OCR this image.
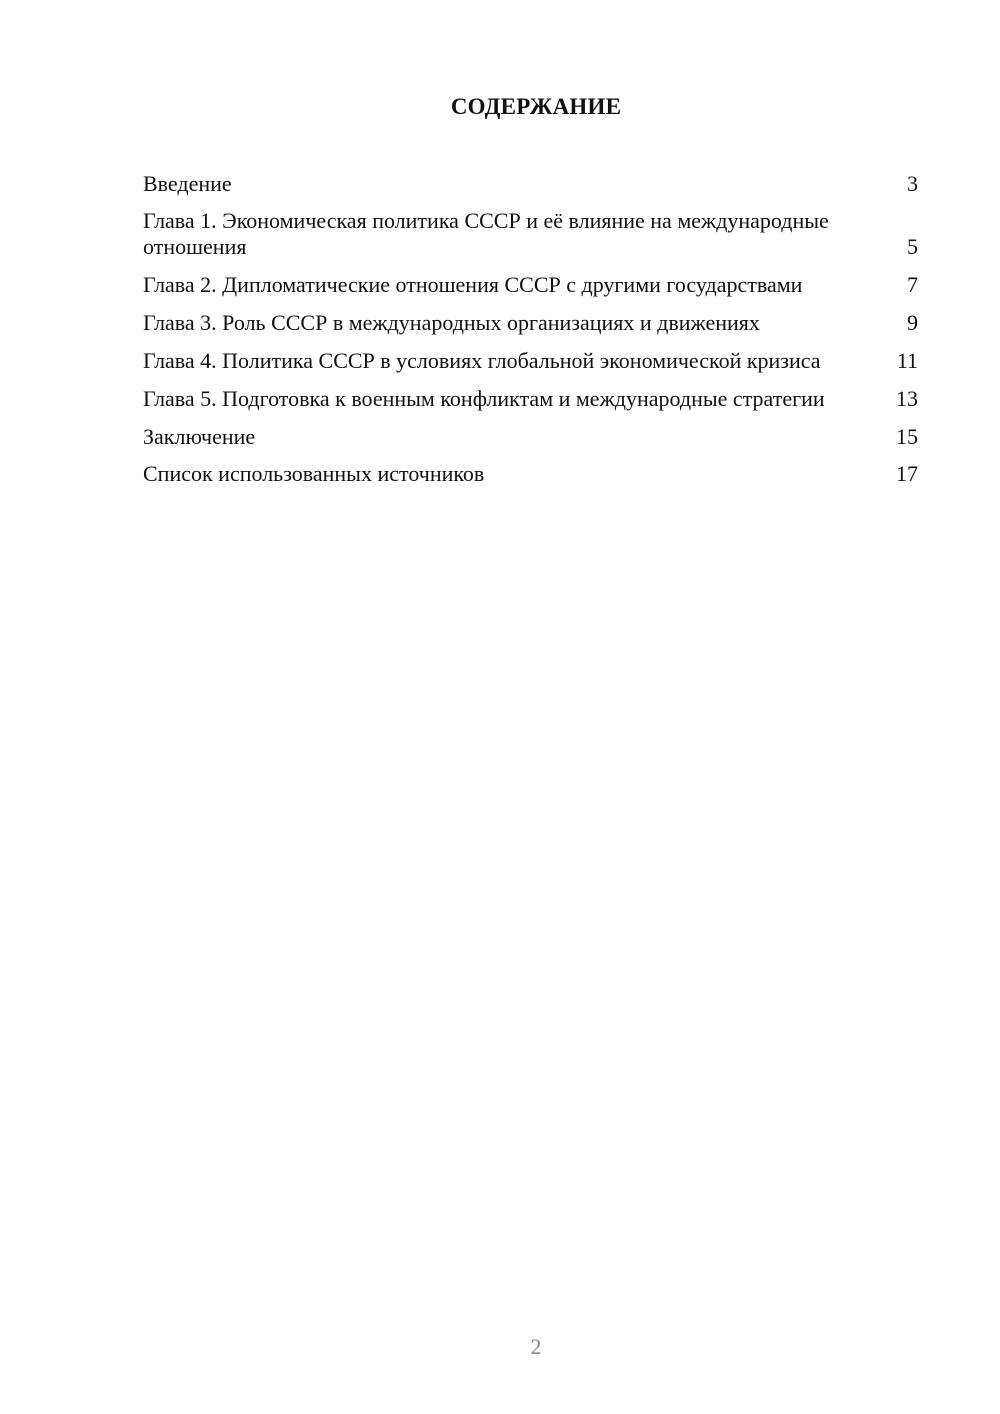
СОДЕРЖАНИЕ
Введение	3
Глава 1. Экономическая политика СССР и её влияние на международные отношения	5
Глава 2. Дипломатические отношения СССР с другими государствами	7
Глава 3. Роль СССР в международных организациях и движениях	9
Глава 4. Политика СССР в условиях глобальной экономической кризиса	11
Глава 5. Подготовка к военным конфликтам и международные стратегии	13
Заключение	15
Список использованных источников	17
2
